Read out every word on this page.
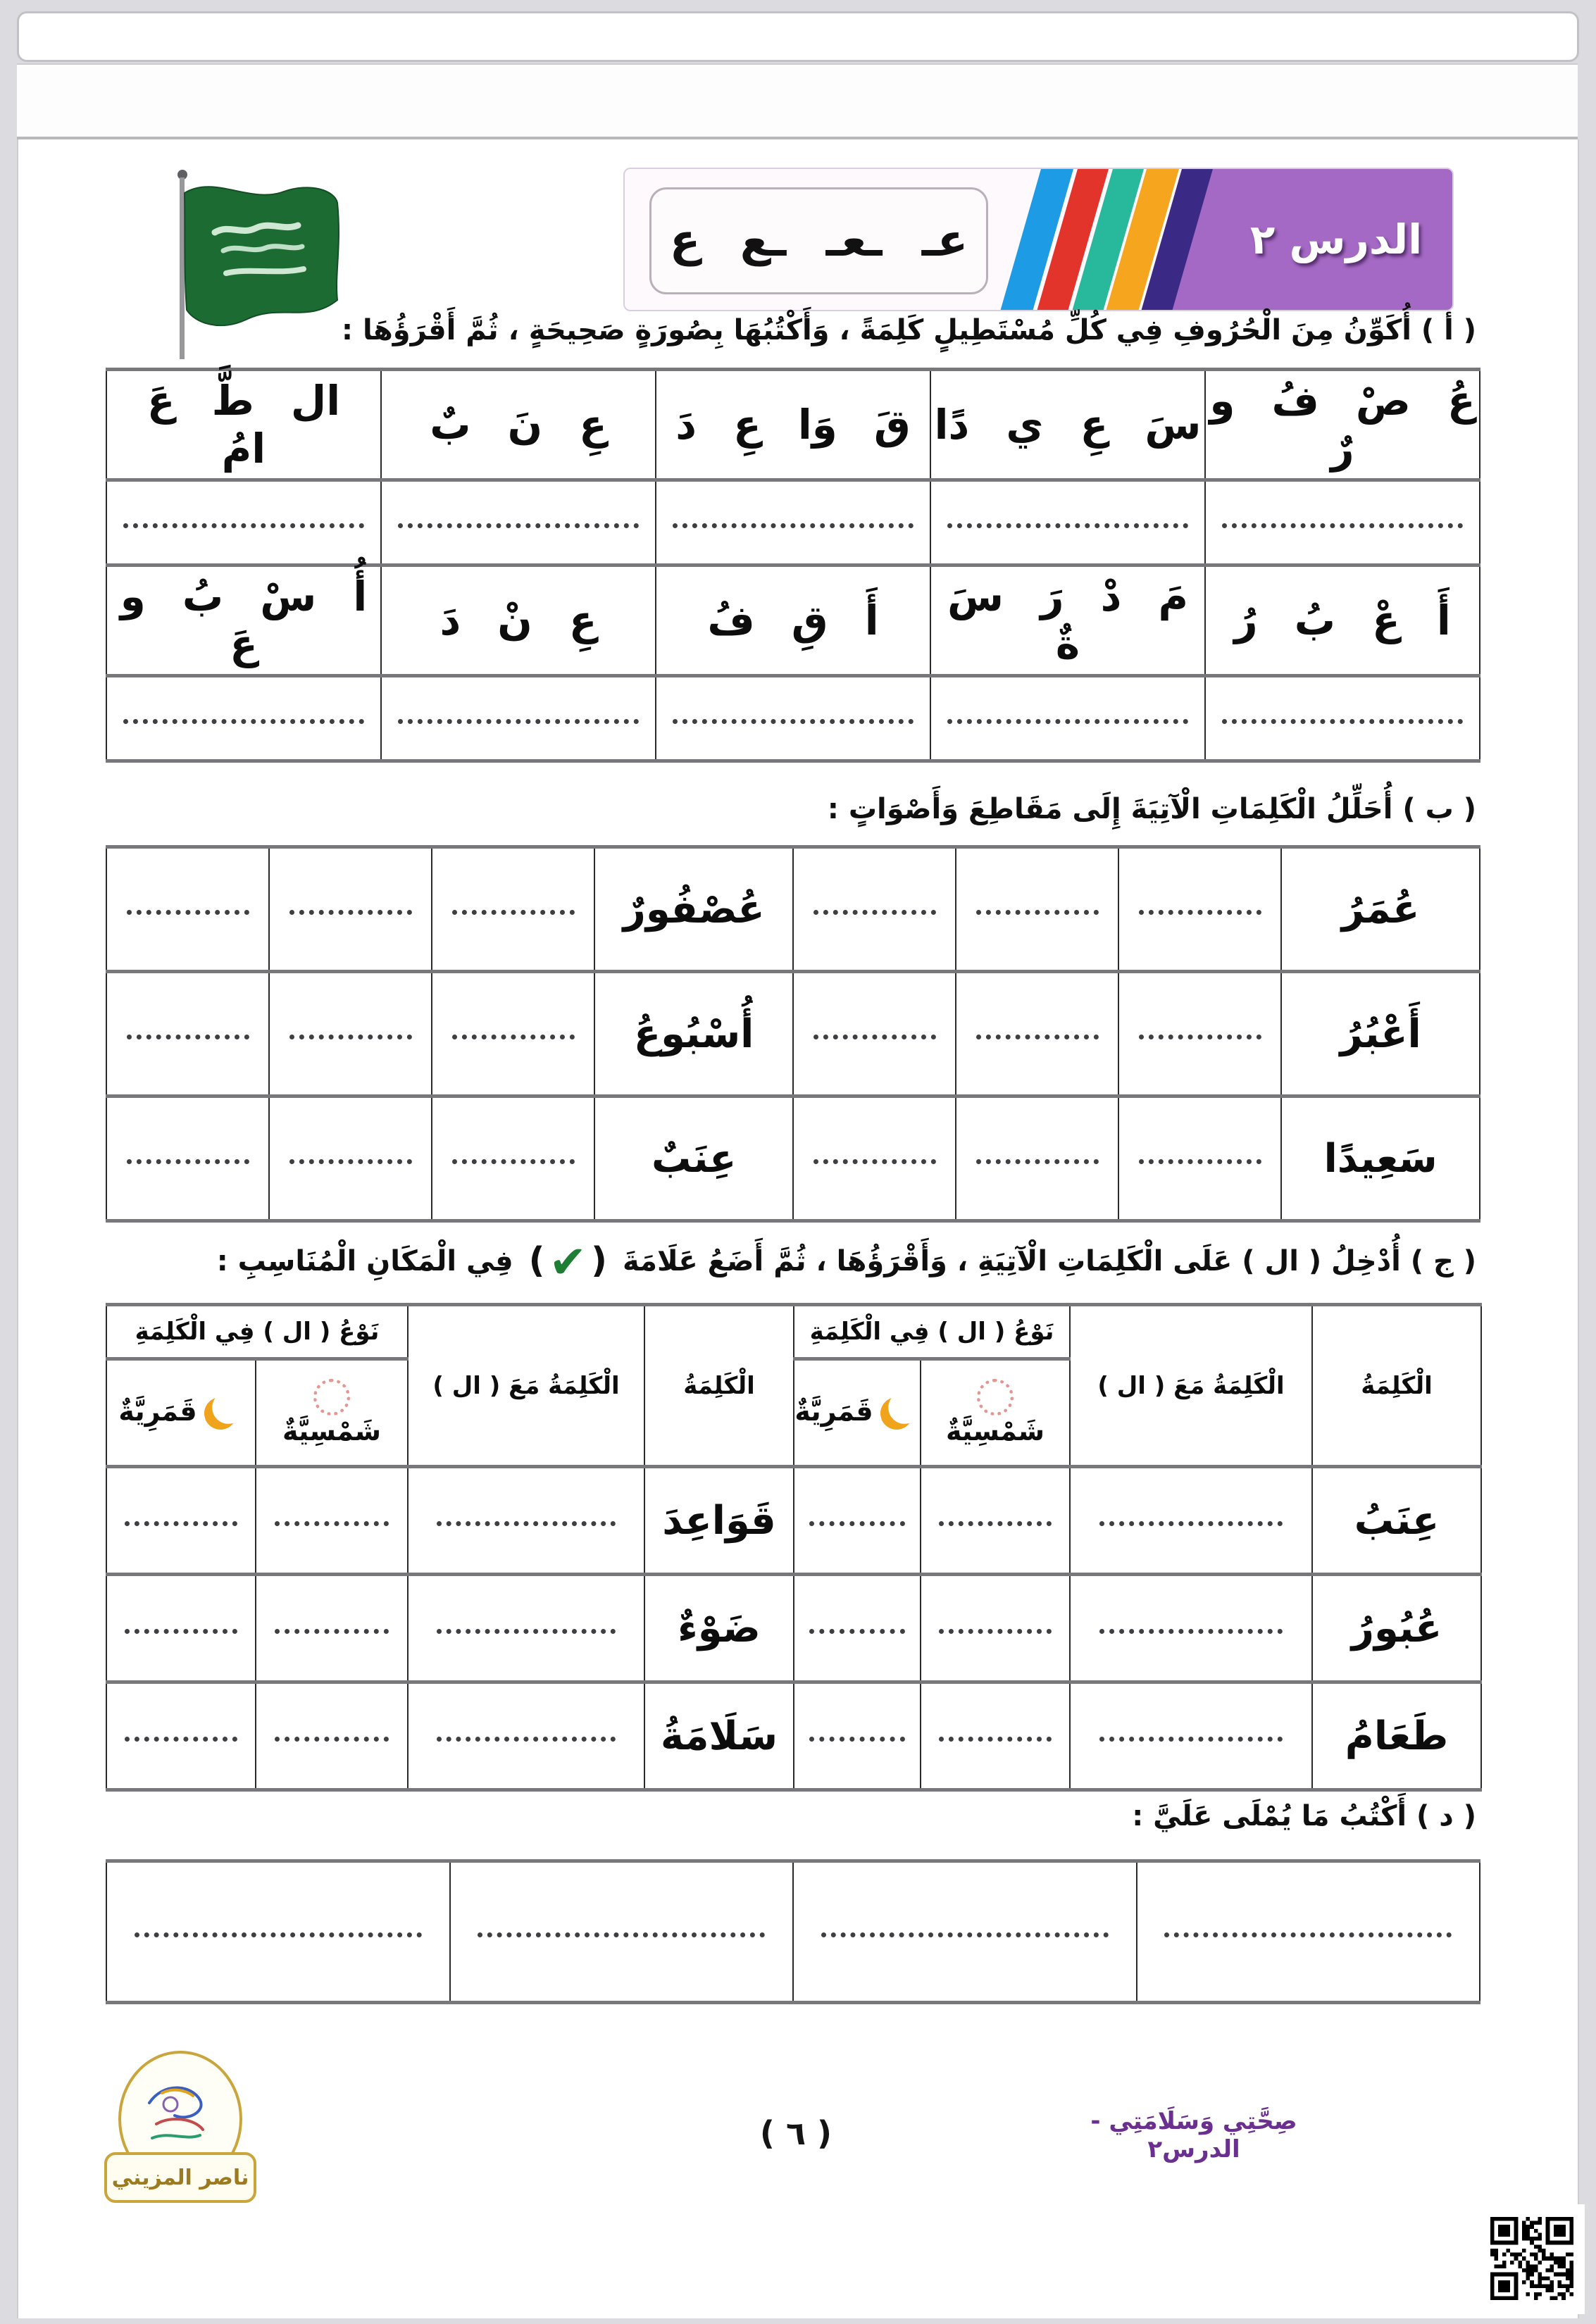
عـ ـعـ ـع ع	الدرس ٢
( أ ) أُكَوِّنُ مِنَ الْحُرُوفِ فِي كُلِّ مُسْتَطِيلٍ كَلِمَةً ، وَأَكْتُبُهَا بِصُورَةٍ صَحِيحَةٍ ، ثُمَّ أَقْرَؤُهَا :
عُ صْ فُ و رٌ	سَ عِ ي دًا	قَ وَا عِ دَ	عِ نَ بٌ	ال طَّ عَ امُ

أَ عْ بُ رُ	مَ دْ رَ سَ ةٌ	أَ قِ فُ	عِ نْ دَ	أُ سْ بُ و عَ

( ب ) أُحَلِّلُ الْكَلِمَاتِ الْآتِيَةَ إِلَى مَقَاطِعَ وَأَصْوَاتٍ :
عُمَرُ				عُصْفُورٌ			

أَعْبُرُ				أُسْبُوعُ			

سَعِيدًا				عِنَبٌ			

( ج ) أُدْخِلُ ( ال ) عَلَى الْكَلِمَاتِ الْآتِيَةِ ، وَأَقْرَؤُهَا ، ثُمَّ أَضَعُ عَلَامَةَ (✔ ) فِي الْمَكَانِ الْمُنَاسِبِ :
الْكَلِمَةُ	الْكَلِمَةُ مَعَ ( ال )	نَوْعُ ( ال ) فِي الْكَلِمَةِ		الْكَلِمَةُ	الْكَلِمَةُ مَعَ ( ال )	نَوْعُ ( ال ) فِي الْكَلِمَةِ	
		شَمْسِيَّةٌ	قَمَرِيَّةٌ			شَمْسِيَّةٌ	قَمَرِيَّةٌ

عِنَبُ				قَوَاعِدَ			

عُبُورُ				ضَوْءٌ			

طَعَامُ				سَلَامَةُ			

( د ) أَكْتُبُ مَا يُمْلَى عَلَيَّ :

ناصر المزيني
( ٦ )	صِحَّتِي وَسَلَامَتِي - الدرس٢
